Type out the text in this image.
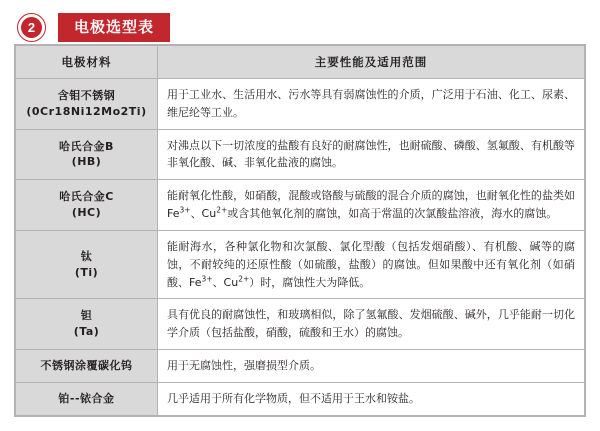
2	电极选型表
电极材料	主要性能及适用范围
含钼不锈钢
(0Cr18Ni12Mo2Ti)	用于工业水、生活用水、污水等具有弱腐蚀性的介质，广泛用于石油、化工、尿素、维尼纶等工业。
哈氏合金B
(HB)	对沸点以下一切浓度的盐酸有良好的耐腐蚀性，也耐硫酸、磷酸、氢氟酸、有机酸等非氧化酸、碱、非氧化盐液的腐蚀。
哈氏合金C
(HC)	能耐氧化性酸，如硝酸，混酸或铬酸与硫酸的混合介质的腐蚀，也耐氧化性的盐类如$Fe^{3+}$、$Cu^{2+}$或含其他氧化剂的腐蚀，如高于常温的次氯酸盐溶液，海水的腐蚀。
钛
(Ti)	能耐海水，各种氯化物和次氯酸、氯化型酸（包括发烟硝酸）、有机酸、碱等的腐蚀，不耐较纯的还原性酸（如硫酸，盐酸）的腐蚀。但如果酸中还有氧化剂（如硝酸、$Fe^{3+}$、$Cu^{2+}$）时，腐蚀性大为降低。
钽
(Ta)	具有优良的耐腐蚀性，和玻璃相似，除了氢氟酸、发烟硫酸、碱外，几乎能耐一切化学介质（包括盐酸，硝酸，硫酸和王水）的腐蚀。
不锈钢涂覆碳化钨	用于无腐蚀性，强磨损型介质。
铂--铱合金	几乎适用于所有化学物质，但不适用于王水和铵盐。
